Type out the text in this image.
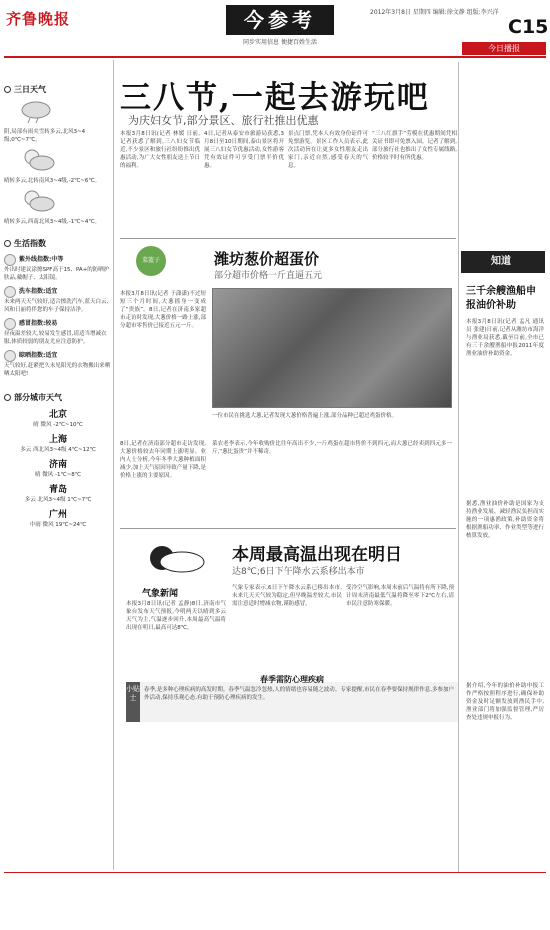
齐鲁晚报	今参考
同步实用信息 便捷百姓生活
2012年3月8日 星期四 编辑:徐文静 组版:李兴洋
C15
今日播报
三日天气
阴,局部有雨夹雪转多云,北风3~4级,0℃~7℃。
晴转多云,北转南风3~4级,-2℃~6℃。
晴转多云,西南北风3~4级,-1℃~4℃。
生活指数
紫外线指数:中等
外出时建议涂擦SPF高于15、PA+的防晒护肤品,戴帽子、太阳镜。
洗车指数:适宜
未来两天天气较好,适合擦洗汽车,蓝天白云、风和日丽将伴您的车子保持洁净。
感冒指数:较易
昼夜温差较大,较易发生感冒,请适当增减衣服,体质较弱的朋友尤应注意防护。
晾晒指数:适宜
天气较好,赶紧把久未见阳光的衣物搬出来晒晒太阳吧!
部分城市天气
北京
晴 微风 -2℃~10℃
上海
多云 西北风3~4级 4℃~12℃
济南
晴 微风 -1℃~8℃
青岛
多云 北风3~4级 1℃~7℃
广州
中雨 微风 19℃~24℃
三八节,一起去游玩吧
为庆妇女节,部分景区、旅行社推出优惠
本报3月8日讯(记者 林媛 日前,记者获悉了解到,三八妇女节临近,不少景区和旅行社纷纷推出优惠活动,为广大女性朋友送上节日的福利。
4日,记者从泰安市旅游局获悉,3月8日至10日期间,泰山景区将开展三八妇女节优惠活动,女性游客凭有效证件可享受门票半价优惠。
景点门票,凭本人有效身份证件可免票游览。景区工作人员表示,此次活动旨在让更多女性朋友走出家门,亲近自然,感受春天的气息。
“三八红旗手”劳模在优惠期间凭相关证书即可免票入园。记者了解到,部分旅行社也推出了女性专属线路,价格较平时有所优惠。
菜篮子	潍坊葱价超蛋价
部分超市价格一斤直逼五元
本报3月8日讯(记者 于潇潇)不过短短三个月时间,大葱摇身一变成了“贵族”。8日,记者在济南多家超市走访时发现,大葱价格一路上涨,部分超市零售价已接近五元一斤。
8日,记者在济南部分超市走访发现,大葱价格较去年同期上涨明显。业内人士分析,今年冬季大葱种植面积减少,加上天气原因导致产量下降,是价格上涨的主要原因。
一位市民在挑选大葱,记者发现大葱价格普遍上涨,部分品种已超过鸡蛋价格。
菜农老李表示,今年收购价比往年高出不少,一斤鸡蛋在超市售价不到四元,而大葱已经卖到四元多一斤,“葱比蛋贵”并不稀奇。
气象新闻
本周最高温出现在明日
达8℃;6日下午降水云系移出本市
本报3月8日讯(记者 孟静)8日,济南市气象台发布天气预报,今明两天以晴到多云天气为主,气温逐步回升,本周最高气温将出现在明日,最高可达8℃。
气象专家表示,6日下午降水云系已移出本市,未来几天天气较为稳定,但早晚温差较大,市民需注意适时增减衣物,谨防感冒。
受冷空气影响,本周末前后气温将有所下降,预计周末济南最低气温将降至零下2℃左右,请市民注意防寒保暖。
小贴士
春季需防心理疾病
春季,是多种心理疾病的高发时期。春季气温忽冷忽热,人的情绪也容易随之波动。专家提醒,市民在春季要保持规律作息,多参加户外活动,保持乐观心态,有助于预防心理疾病的发生。
知道
三千余艘渔船申报油价补助
本报3月8日讯(记者 孟凡 通讯员 张建)日前,记者从潍坊市海洋与渔业局获悉,截至目前,全市已有三千余艘渔船申报2011年度渔业油价补助资金。
据悉,渔业油价补助是国家为支持渔业发展、减轻渔民负担而实施的一项惠渔政策,补助资金将根据渔船功率、作业类型等进行核算发放。
据介绍,今年的油价补助申报工作严格按照程序进行,确保补助资金及时足额发放到渔民手中,渔业部门将加强监督管理,严厉查处违规申报行为。
